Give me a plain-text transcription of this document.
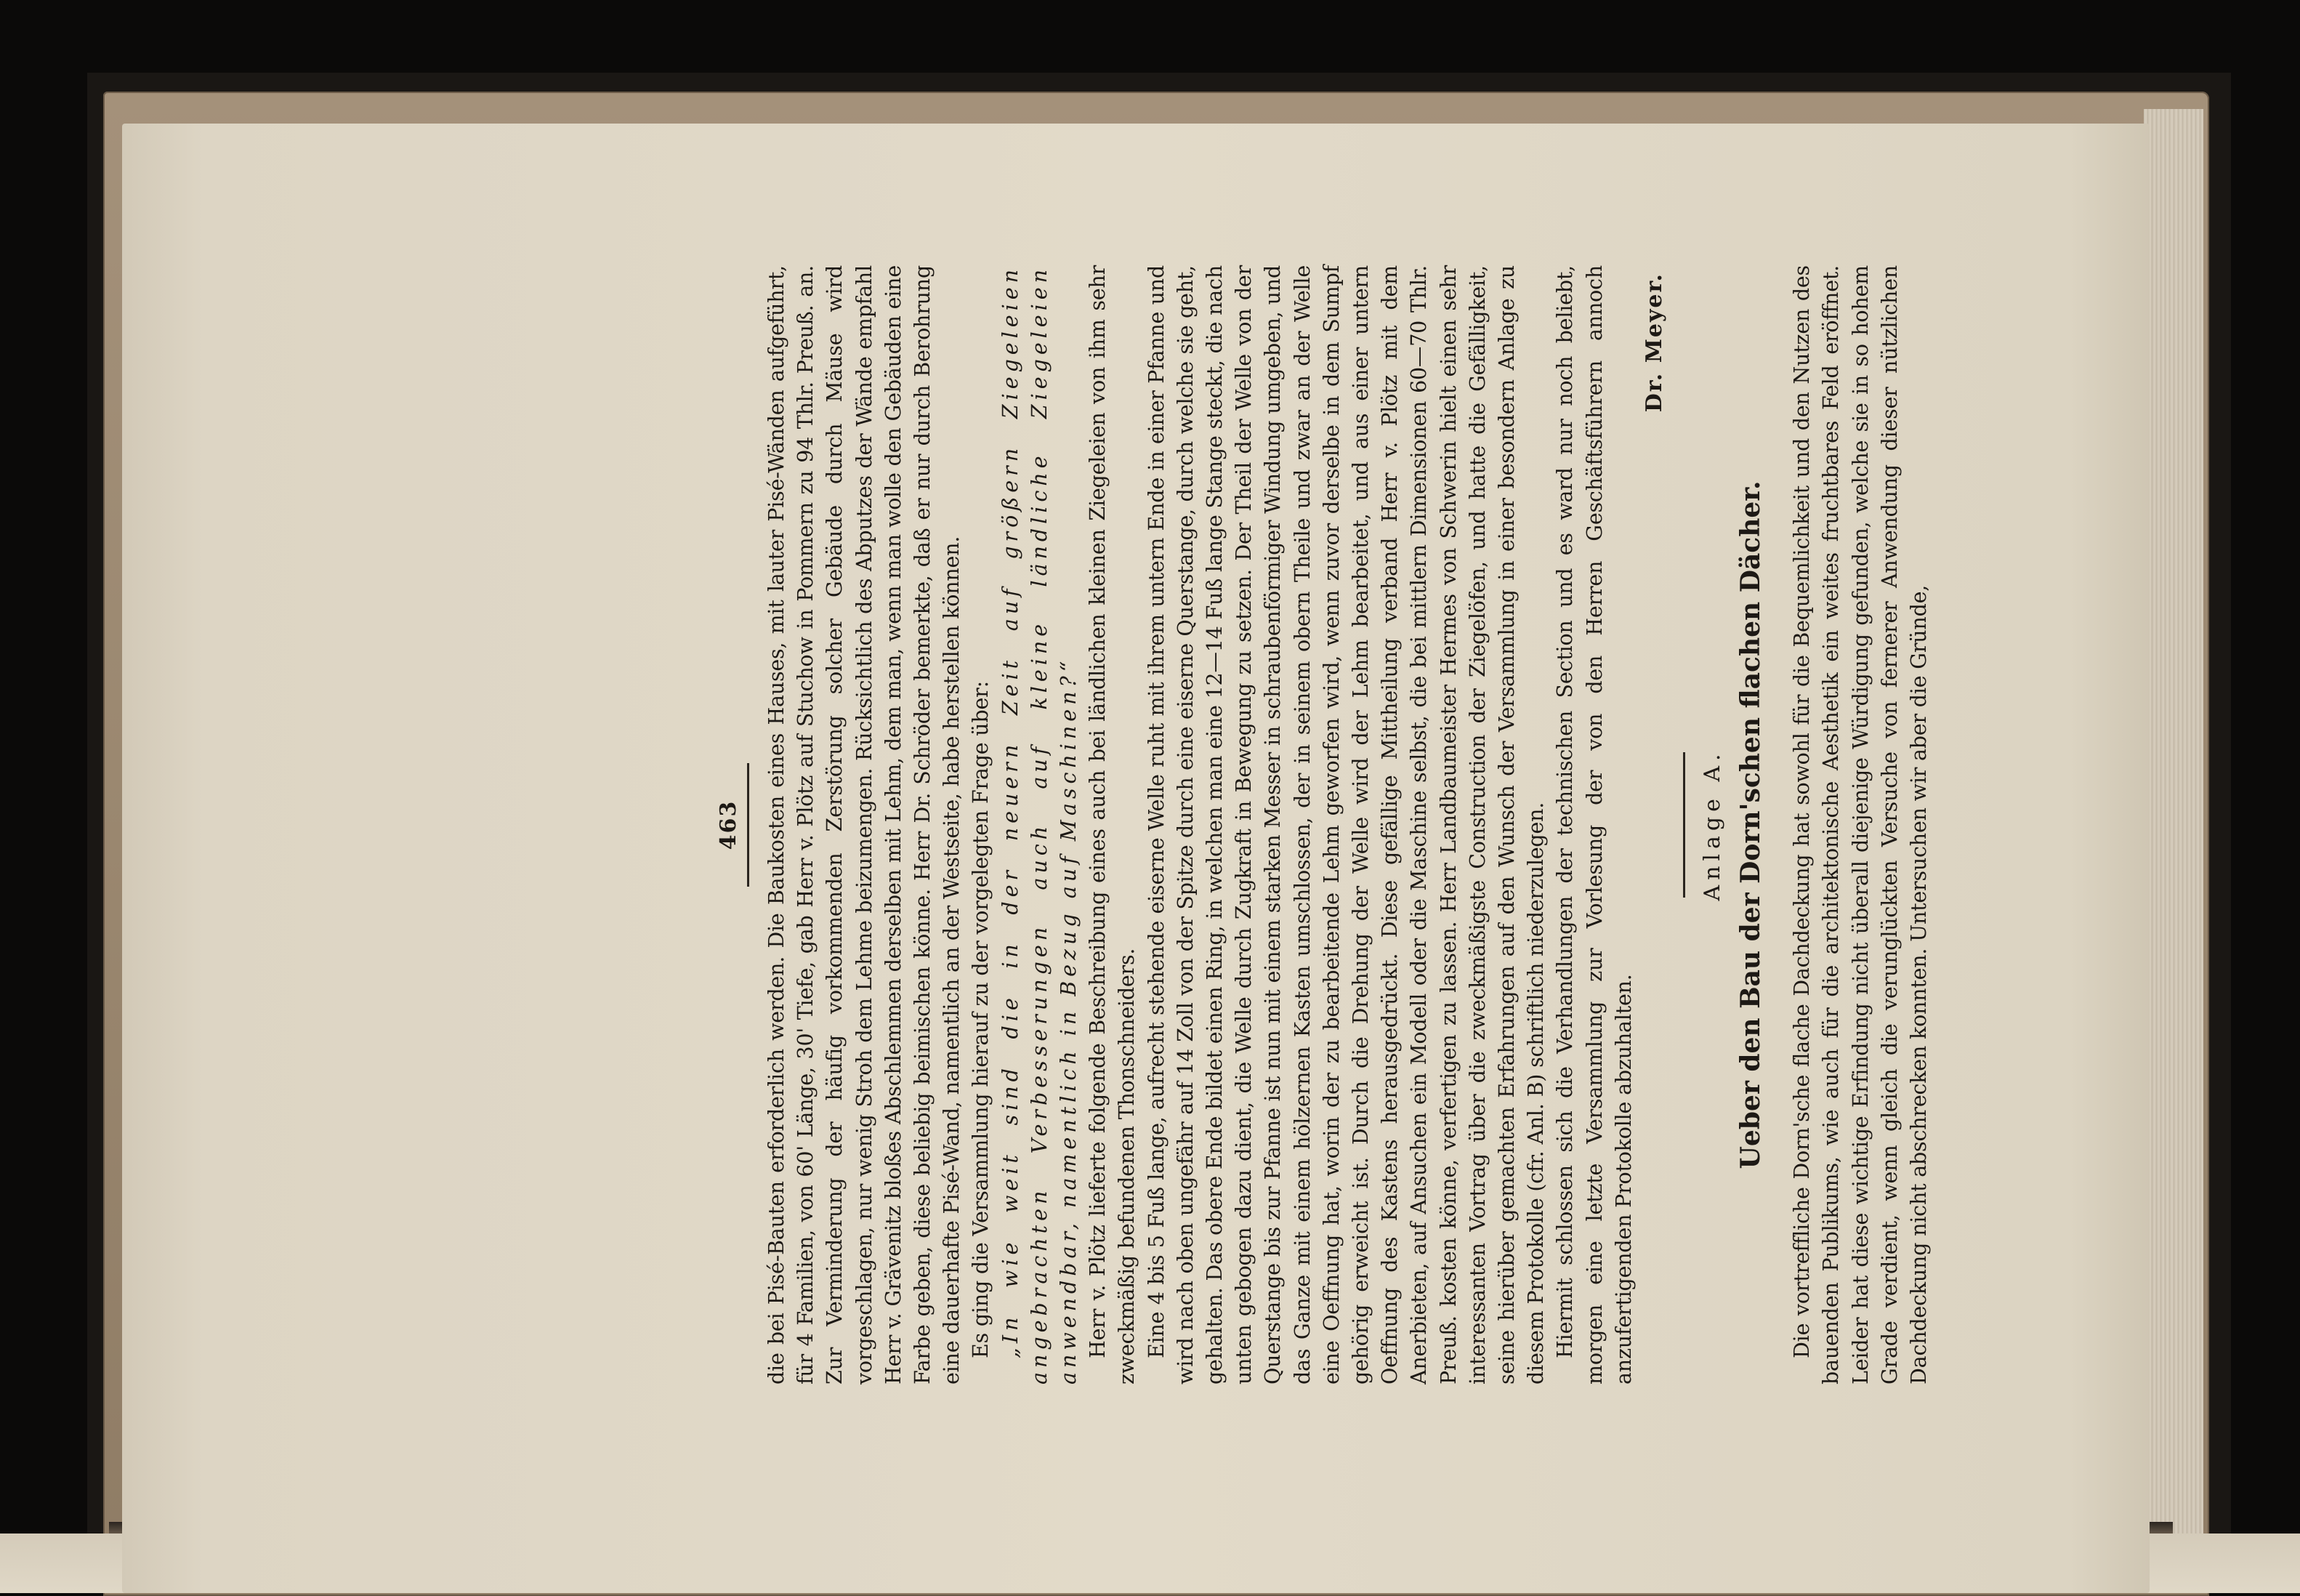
463 die bei Pisé-Bauten erforderlich werden. Die Baukosten eines Hauses, mit lauter Pisé-Wänden aufgeführt, für 4 Familien, von 60' Länge, 30' Tiefe, gab Herr v. Plötz auf Stuchow in Pommern zu 94 Thlr. Preuß. an. Zur Verminderung der häufig vorkommenden Zerstörung solcher Gebäude durch Mäuse wird vorgeschlagen, nur wenig Stroh dem Lehme beizumengen. Rücksichtlich des Abputzes der Wände empfahl Herr v. Grävenitz bloßes Abschlemmen derselben mit Lehm, dem man, wenn man wolle den Gebäuden eine Farbe geben, diese beliebig beimischen könne. Herr Dr. Schröder bemerkte, daß er nur durch Berohrung eine dauerhafte Pisé-Wand, namentlich an der Westseite, habe herstellen können. Es ging die Versammlung hierauf zu der vorgelegten Frage über: „In wie weit sind die in der neuern Zeit auf größern Ziegeleien angebrachten Verbesserungen auch auf kleine ländliche Ziegeleien anwendbar, namentlich in Bezug auf Maschinen?“ Herr v. Plötz lieferte folgende Beschreibung eines auch bei ländlichen kleinen Ziegeleien von ihm sehr zweckmäßig befundenen Thonschneiders. Eine 4 bis 5 Fuß lange, aufrecht stehende eiserne Welle ruht mit ihrem untern Ende in einer Pfanne und wird nach oben ungefähr auf 14 Zoll von der Spitze durch eine eiserne Querstange, durch welche sie geht, gehalten. Das obere Ende bildet einen Ring, in welchen man eine 12—14 Fuß lange Stange steckt, die nach unten gebogen dazu dient, die Welle durch Zugkraft in Bewegung zu setzen. Der Theil der Welle von der Querstange bis zur Pfanne ist nun mit einem starken Messer in schraubenförmiger Windung umgeben, und das Ganze mit einem hölzernen Kasten umschlossen, der in seinem obern Theile und zwar an der Welle eine Oeffnung hat, worin der zu bearbeitende Lehm geworfen wird, wenn zuvor derselbe in dem Sumpf gehörig erweicht ist. Durch die Drehung der Welle wird der Lehm bearbeitet, und aus einer untern Oeffnung des Kastens herausgedrückt. Diese gefällige Mittheilung verband Herr v. Plötz mit dem Anerbieten, auf Ansuchen ein Modell oder die Maschine selbst, die bei mittlern Dimensionen 60—70 Thlr. Preuß. kosten könne, verfertigen zu lassen. Herr Landbaumeister Hermes von Schwerin hielt einen sehr interessanten Vortrag über die zweckmäßigste Construction der Ziegelöfen, und hatte die Gefälligkeit, seine hierüber gemachten Erfahrungen auf den Wunsch der Versammlung in einer besondern Anlage zu diesem Protokolle (cfr. Anl. B) schriftlich niederzulegen. Hiermit schlossen sich die Verhandlungen der technischen Section und es ward nur noch beliebt, morgen eine letzte Versammlung zur Vorlesung der von den Herren Geschäftsführern annoch anzufertigenden Protokolle abzuhalten.

Dr. Meyer.
Anlage A. Ueber den Bau der Dorn'schen flachen Dächer. Die vortreffliche Dorn'sche flache Dachdeckung hat sowohl für die Bequemlichkeit und den Nutzen des bauenden Publikums, wie auch für die architektonische Aesthetik ein weites fruchtbares Feld eröffnet. Leider hat diese wichtige Erfindung nicht überall diejenige Würdigung gefunden, welche sie in so hohem Grade verdient, wenn gleich die verunglückten Versuche von fernerer Anwendung dieser nützlichen Dachdeckung nicht abschrecken konnten. Untersuchen wir aber die Gründe,
